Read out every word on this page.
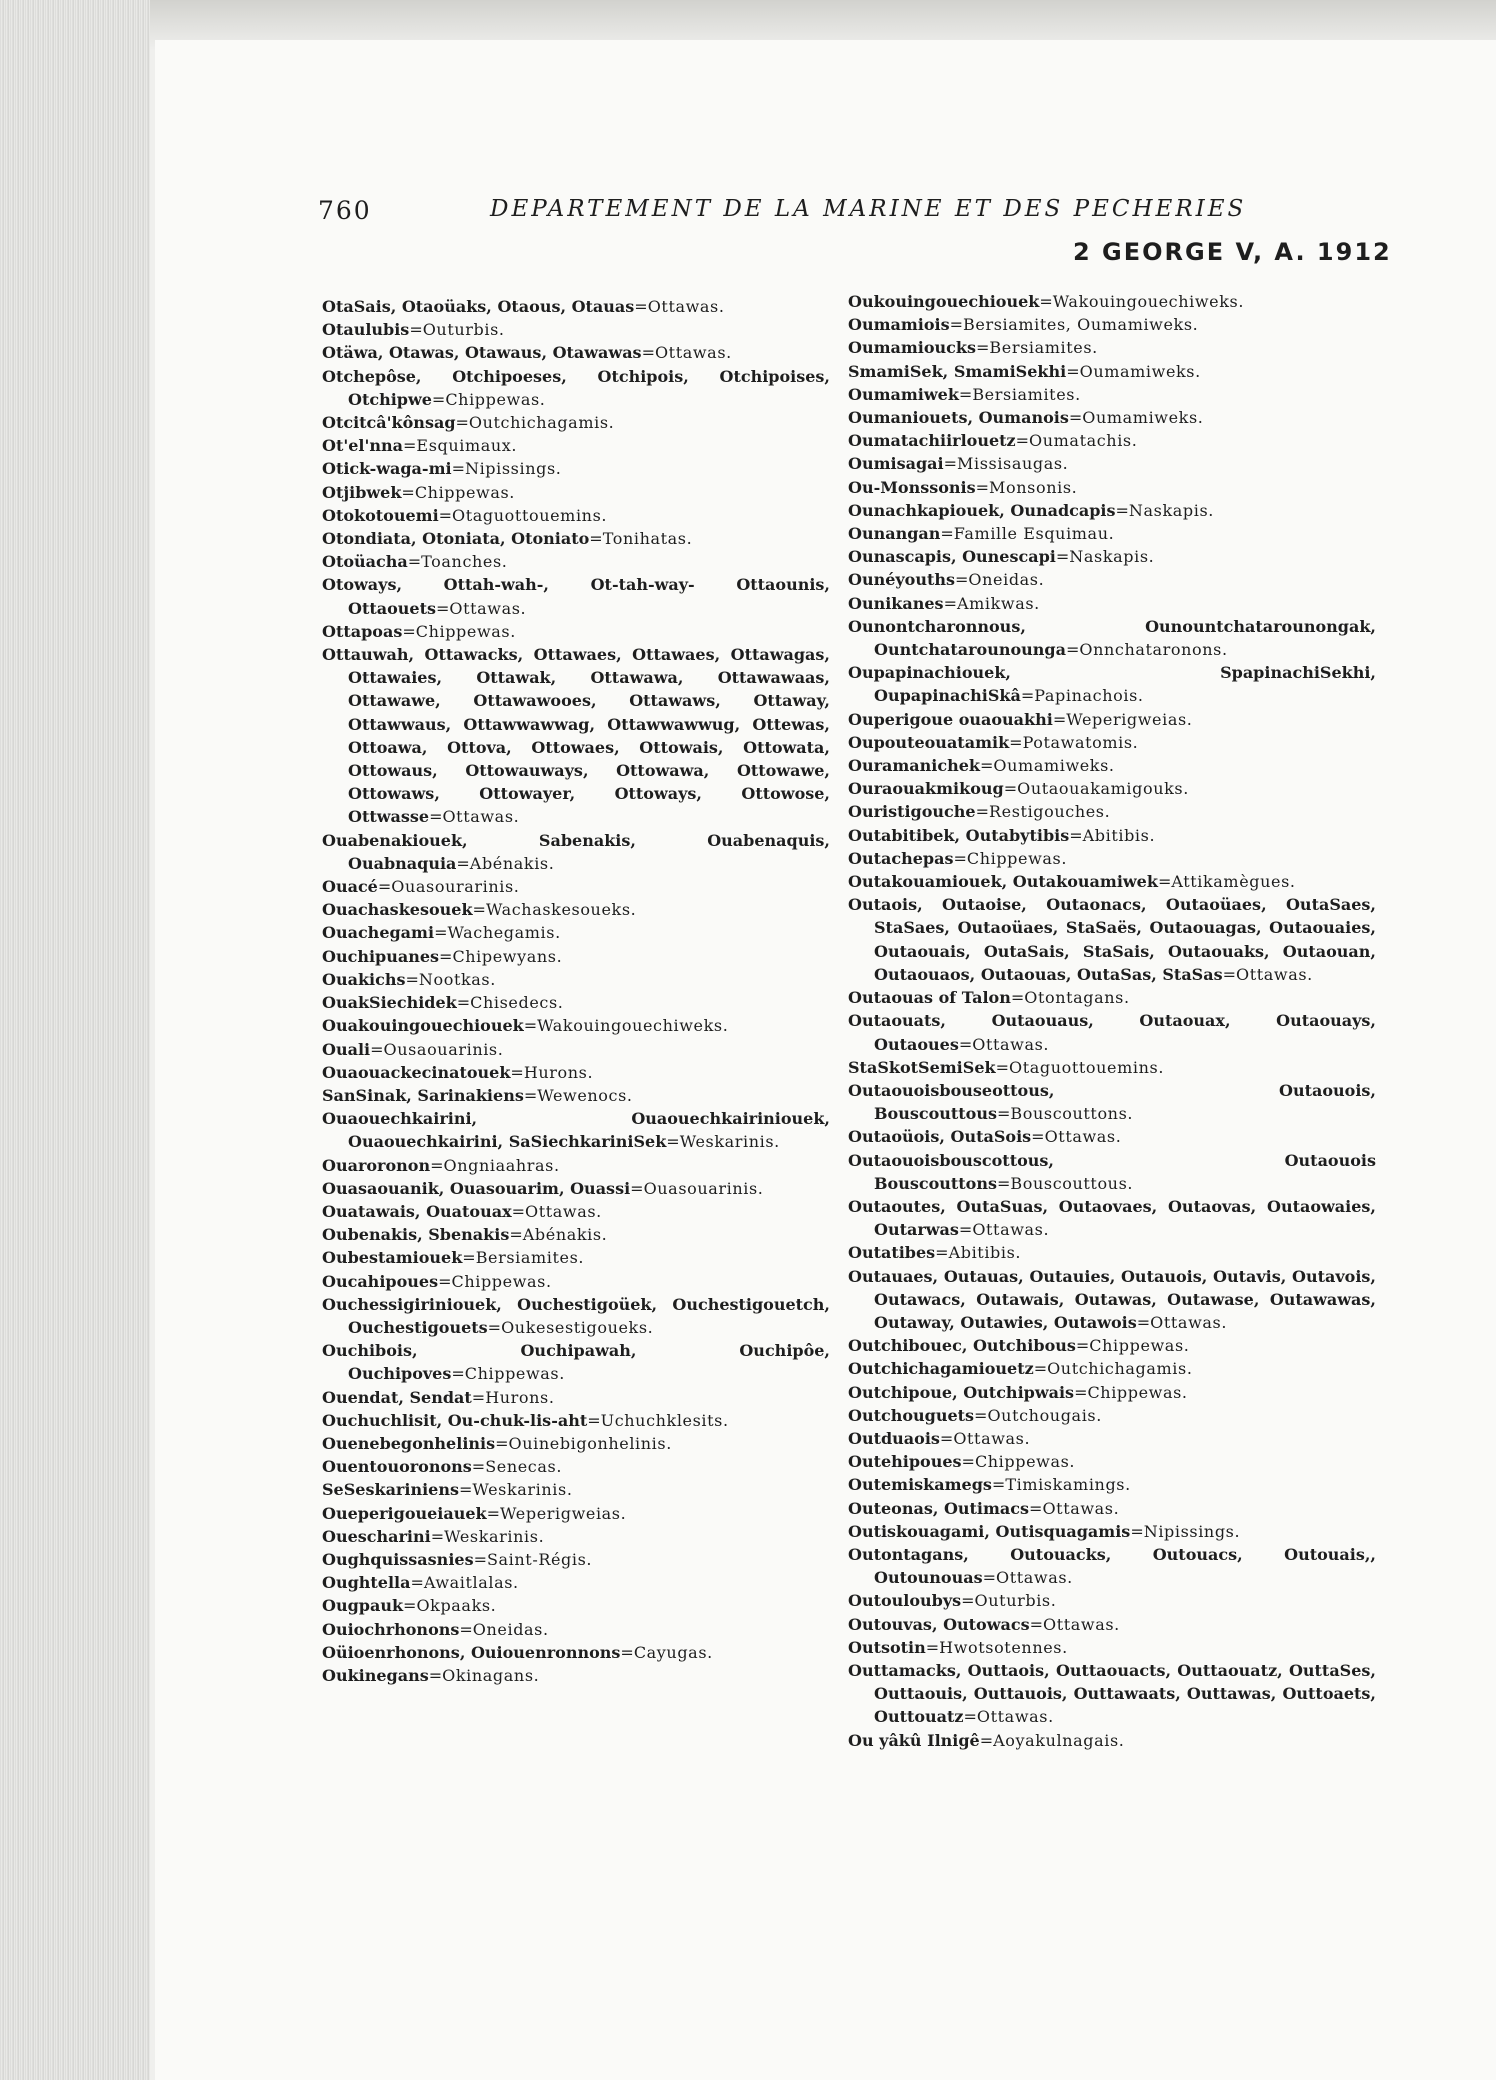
760	DEPARTEMENT DE LA MARINE ET DES PECHERIES
2 GEORGE V, A. 1912

OtaSais, Otaoüaks, Otaous, Otauas=Ottawas.

Otaulubis=Outurbis.

Otäwa, Otawas, Otawaus, Otawawas=Ottawas.

Otchepôse, Otchipoeses, Otchipois, Otchipoises, Otchipwe=Chippewas.

Otcitcâ'kônsag=Outchichagamis.

Ot'el'nna=Esquimaux.

Otick-waga-mi=Nipissings.

Otjibwek=Chippewas.

Otokotouemi=Otaguottouemins.

Otondiata, Otoniata, Otoniato=Tonihatas.

Otoüacha=Toanches.

Otoways, Ottah-wah-, Ot-tah-way- Ottaounis, Ottaouets=Ottawas.

Ottapoas=Chippewas.

Ottauwah, Ottawacks, Ottawaes, Ottawaes, Ottawagas, Ottawaies, Ottawak, Ottawawa, Ottawawaas, Ottawawe, Ottawawooes, Ottawaws, Ottaway, Ottawwaus, Ottawwawwag, Ottawwawwug, Ottewas, Ottoawa, Ottova, Ottowaes, Ottowais, Ottowata, Ottowaus, Ottowauways, Ottowawa, Ottowawe, Ottowaws, Ottowayer, Ottoways, Ottowose, Ottwasse=Ottawas.

Ouabenakiouek, Sabenakis, Ouabenaquis, Ouabnaquia=Abénakis.

Ouacé=Ouasourarinis.

Ouachaskesouek=Wachaskesoueks.

Ouachegami=Wachegamis.

Ouchipuanes=Chipewyans.

Ouakichs=Nootkas.

OuakSiechidek=Chisedecs.

Ouakouingouechiouek=Wakouingouechiweks.

Ouali=Ousaouarinis.

Ouaouackecinatouek=Hurons.

SanSinak, Sarinakiens=Wewenocs.

Ouaouechkairini, Ouaouechkairiniouek, Ouaouechkairini, SaSiechkariniSek=Weskarinis.

Ouaroronon=Ongniaahras.

Ouasaouanik, Ouasouarim, Ouassi=Ouasouarinis.

Ouatawais, Ouatouax=Ottawas.

Oubenakis, Sbenakis=Abénakis.

Oubestamiouek=Bersiamites.

Oucahipoues=Chippewas.

Ouchessigiriniouek, Ouchestigoüek, Ouchestigouetch, Ouchestigouets=Oukesestigoueks.

Ouchibois, Ouchipawah, Ouchipôe, Ouchipoves=Chippewas.

Ouendat, Sendat=Hurons.

Ouchuchlisit, Ou-chuk-lis-aht=Uchuchklesits.

Ouenebegonhelinis=Ouinebigonhelinis.

Ouentouoronons=Senecas.

SeSeskariniens=Weskarinis.

Oueperigoueiauek=Weperigweias.

Ouescharini=Weskarinis.

Oughquissasnies=Saint-Régis.

Oughtella=Awaitlalas.

Ougpauk=Okpaaks.

Ouiochrhonons=Oneidas.

Oüioenrhonons, Ouiouenronnons=Cayugas.

Oukinegans=Okinagans.

Oukouingouechiouek=Wakouingouechiweks.

Oumamiois=Bersiamites, Oumamiweks.

Oumamioucks=Bersiamites.

SmamiSek, SmamiSekhi=Oumamiweks.

Oumamiwek=Bersiamites.

Oumaniouets, Oumanois=Oumamiweks.

Oumatachiirlouetz=Oumatachis.

Oumisagai=Missisaugas.

Ou-Monssonis=Monsonis.

Ounachkapiouek, Ounadcapis=Naskapis.

Ounangan=Famille Esquimau.

Ounascapis, Ounescapi=Naskapis.

Ounéyouths=Oneidas.

Ounikanes=Amikwas.

Ounontcharonnous, Ounountchatarounongak, Ountchatarounounga=Onnchataronons.

Oupapinachiouek, SpapinachiSekhi, OupapinachiSkâ=Papinachois.

Ouperigoue ouaouakhi=Weperigweias.

Oupouteouatamik=Potawatomis.

Ouramanichek=Oumamiweks.

Ouraouakmikoug=Outaouakamigouks.

Ouristigouche=Restigouches.

Outabitibek, Outabytibis=Abitibis.

Outachepas=Chippewas.

Outakouamiouek, Outakouamiwek=Attikamègues.

Outaois, Outaoise, Outaonacs, Outaoüaes, OutaSaes, StaSaes, Outaoüaes, StaSaës, Outaouagas, Outaouaies, Outaouais, OutaSais, StaSais, Outaouaks, Outaouan, Outaouaos, Outaouas, OutaSas, StaSas=Ottawas.

Outaouas of Talon=Otontagans.

Outaouats, Outaouaus, Outaouax, Outaouays, Outaoues=Ottawas.

StaSkotSemiSek=Otaguottouemins.

Outaouoisbouseottous, Outaouois, Bouscouttous=Bouscouttons.

Outaoüois, OutaSois=Ottawas.

Outaouoisbouscottous, Outaouois Bouscouttons=Bouscouttous.

Outaoutes, OutaSuas, Outaovaes, Outaovas, Outaowaies, Outarwas=Ottawas.

Outatibes=Abitibis.

Outauaes, Outauas, Outauies, Outauois, Outavis, Outavois, Outawacs, Outawais, Outawas, Outawase, Outawawas, Outaway, Outawies, Outawois=Ottawas.

Outchibouec, Outchibous=Chippewas.

Outchichagamiouetz=Outchichagamis.

Outchipoue, Outchipwais=Chippewas.

Outchouguets=Outchougais.

Outduaois=Ottawas.

Outehipoues=Chippewas.

Outemiskamegs=Timiskamings.

Outeonas, Outimacs=Ottawas.

Outiskouagami, Outisquagamis=Nipissings.

Outontagans, Outouacks, Outouacs, Outouais,, Outounouas=Ottawas.

Outouloubys=Outurbis.

Outouvas, Outowacs=Ottawas.

Outsotin=Hwotsotennes.

Outtamacks, Outtaois, Outtaouacts, Outtaouatz, OuttaSes, Outtaouis, Outtauois, Outtawaats, Outtawas, Outtoaets, Outtouatz=Ottawas.

Ou yâkû Ilnigê=Aoyakulnagais.
